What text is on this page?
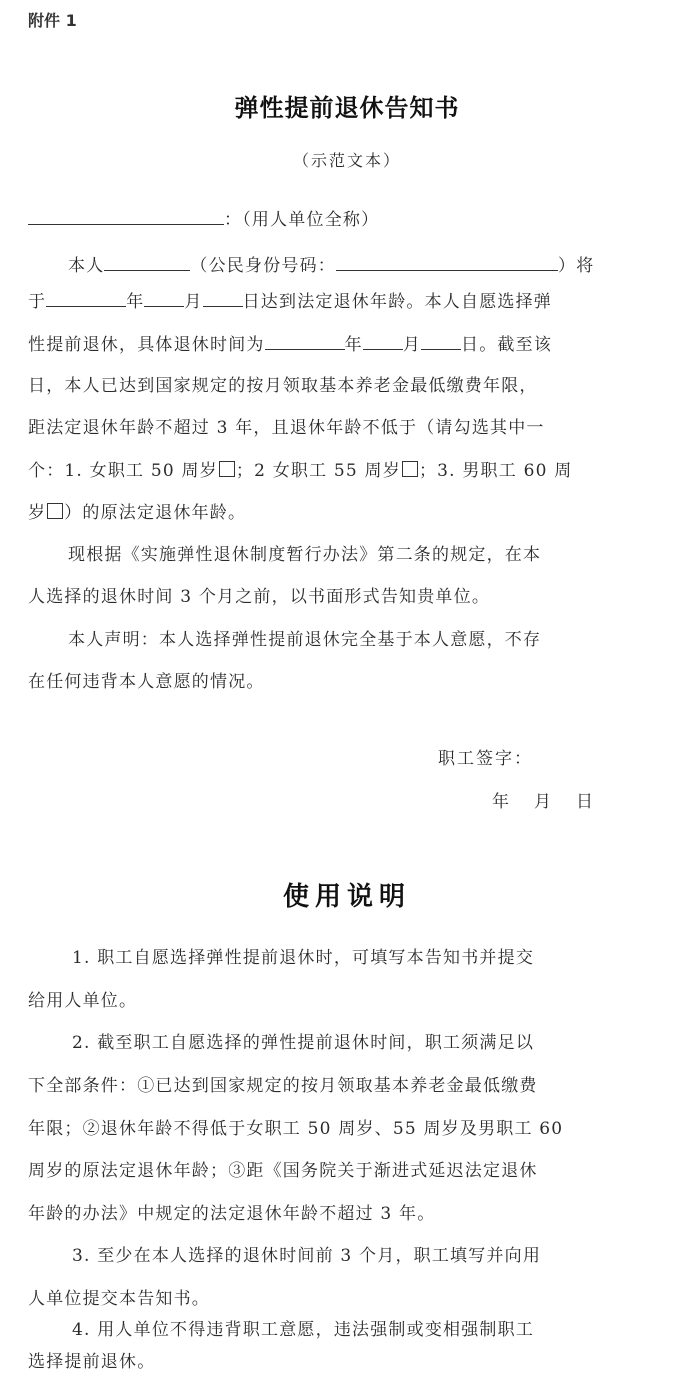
附件 1
弹性提前退休告知书
（示范文本）
：（用人单位全称）
本人	（公民身份号码：	）将
于	年 月 日达到法定退休年龄。本人自愿选择弹
性提前退休，具体退休时间为	年 月 日。截至该
日，本人已达到国家规定的按月领取基本养老金最低缴费年限，
距法定退休年龄不超过 3 年，且退休年龄不低于（请勾选其中一
个：1. 女职工 50 周岁 ；2 女职工 55 周岁 ；3. 男职工 60 周
岁 ）的原法定退休年龄。
现根据《实施弹性退休制度暂行办法》第二条的规定，在本
人选择的退休时间 3 个月之前，以书面形式告知贵单位。
本人声明：本人选择弹性提前退休完全基于本人意愿，不存
在任何违背本人意愿的情况。
职工签字：
年　月　日
使用说明
1. 职工自愿选择弹性提前退休时，可填写本告知书并提交
给用人单位。
2. 截至职工自愿选择的弹性提前退休时间，职工须满足以
下全部条件：①已达到国家规定的按月领取基本养老金最低缴费
年限；②退休年龄不得低于女职工 50 周岁、55 周岁及男职工 60
周岁的原法定退休年龄；③距《国务院关于渐进式延迟法定退休
年龄的办法》中规定的法定退休年龄不超过 3 年。
3. 至少在本人选择的退休时间前 3 个月，职工填写并向用
人单位提交本告知书。
4. 用人单位不得违背职工意愿，违法强制或变相强制职工
选择提前退休。
